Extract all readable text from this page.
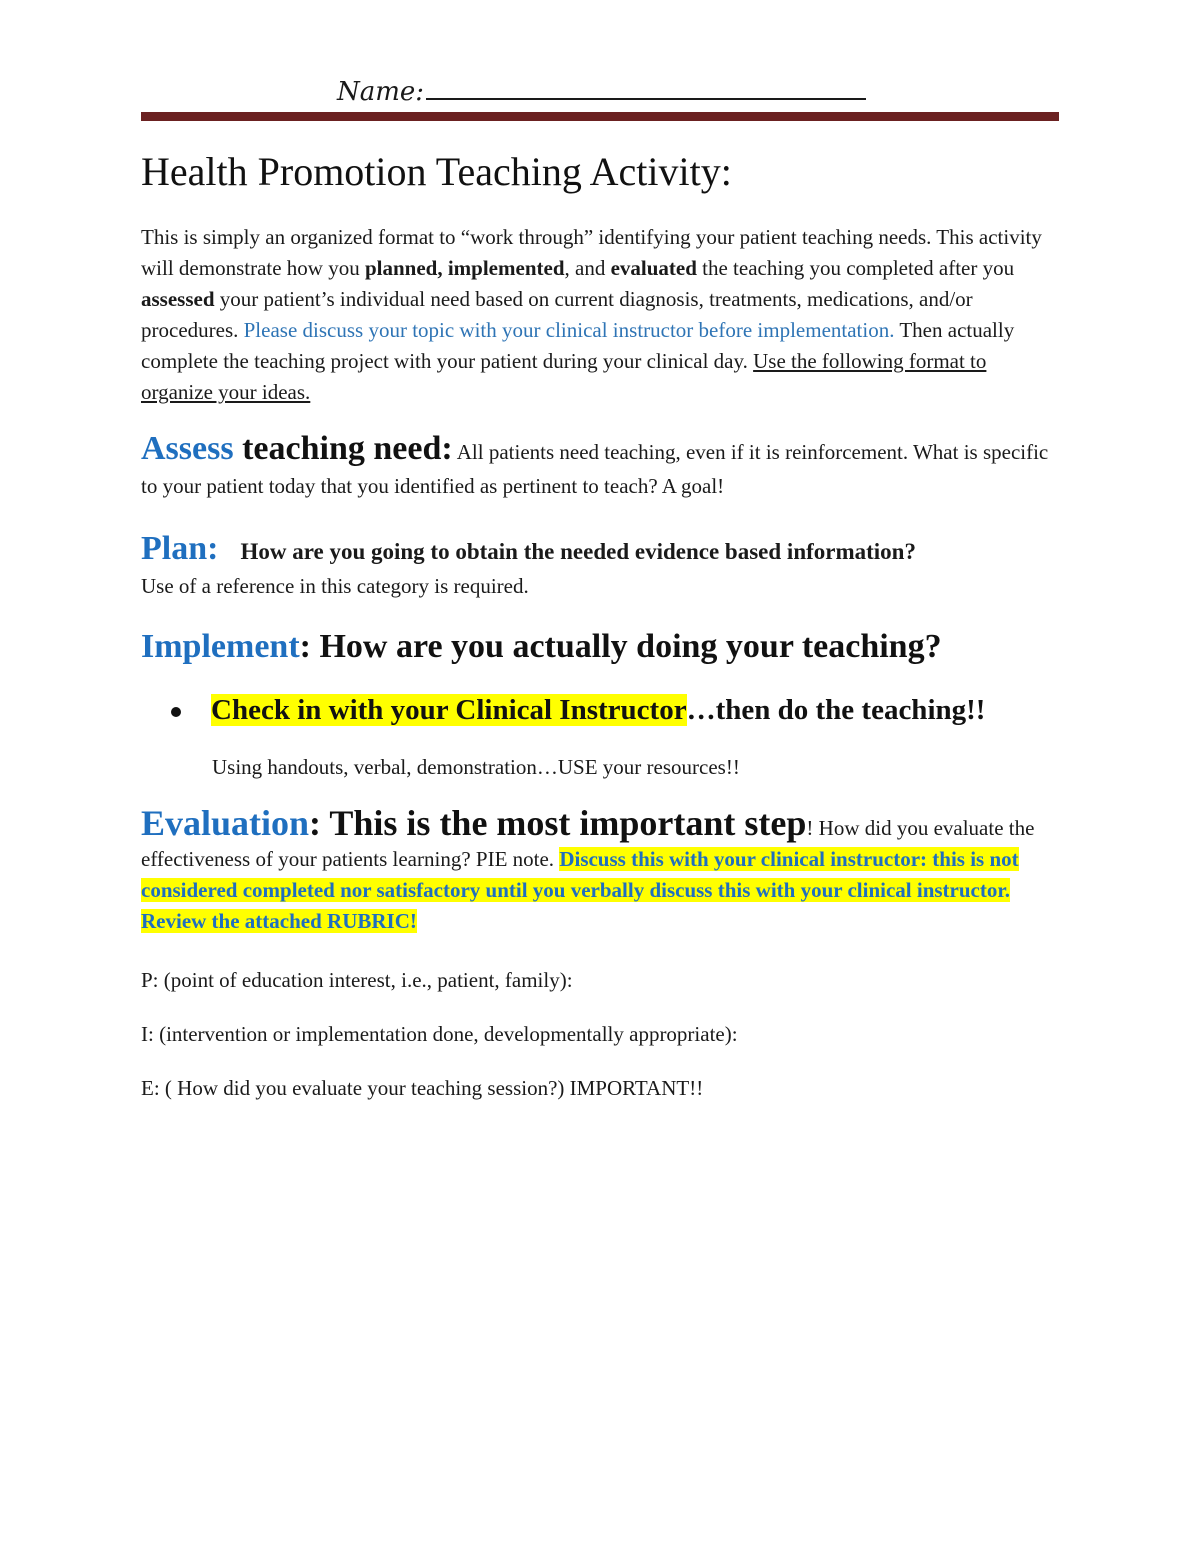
Name:
Health Promotion Teaching Activity:

This is simply an organized format to “work through” identifying your patient teaching needs. This activity will demonstrate how you planned, implemented, and evaluated the teaching you completed after you assessed your patient’s individual need based on current diagnosis, treatments, medications, and/or procedures. Please discuss your topic with your clinical instructor before implementation. Then actually complete the teaching project with your patient during your clinical day. Use the following format to organize your ideas.

Assess teaching need: All patients need teaching, even if it is reinforcement. What is specific to your patient today that you identified as pertinent to teach? A goal!
Plan: How are you going to obtain the needed evidence based information?
Use of a reference in this category is required.
Implement: How are you actually doing your teaching?
Check in with your Clinical Instructor…then do the teaching!!
Using handouts, verbal, demonstration…USE your resources!!
Evaluation: This is the most important step! How did you evaluate the effectiveness of your patients learning? PIE note. Discuss this with your clinical instructor: this is not considered completed nor satisfactory until you verbally discuss this with your clinical instructor. Review the attached RUBRIC!
P: (point of education interest, i.e., patient, family):
I: (intervention or implementation done, developmentally appropriate):
E: ( How did you evaluate your teaching session?) IMPORTANT!!
